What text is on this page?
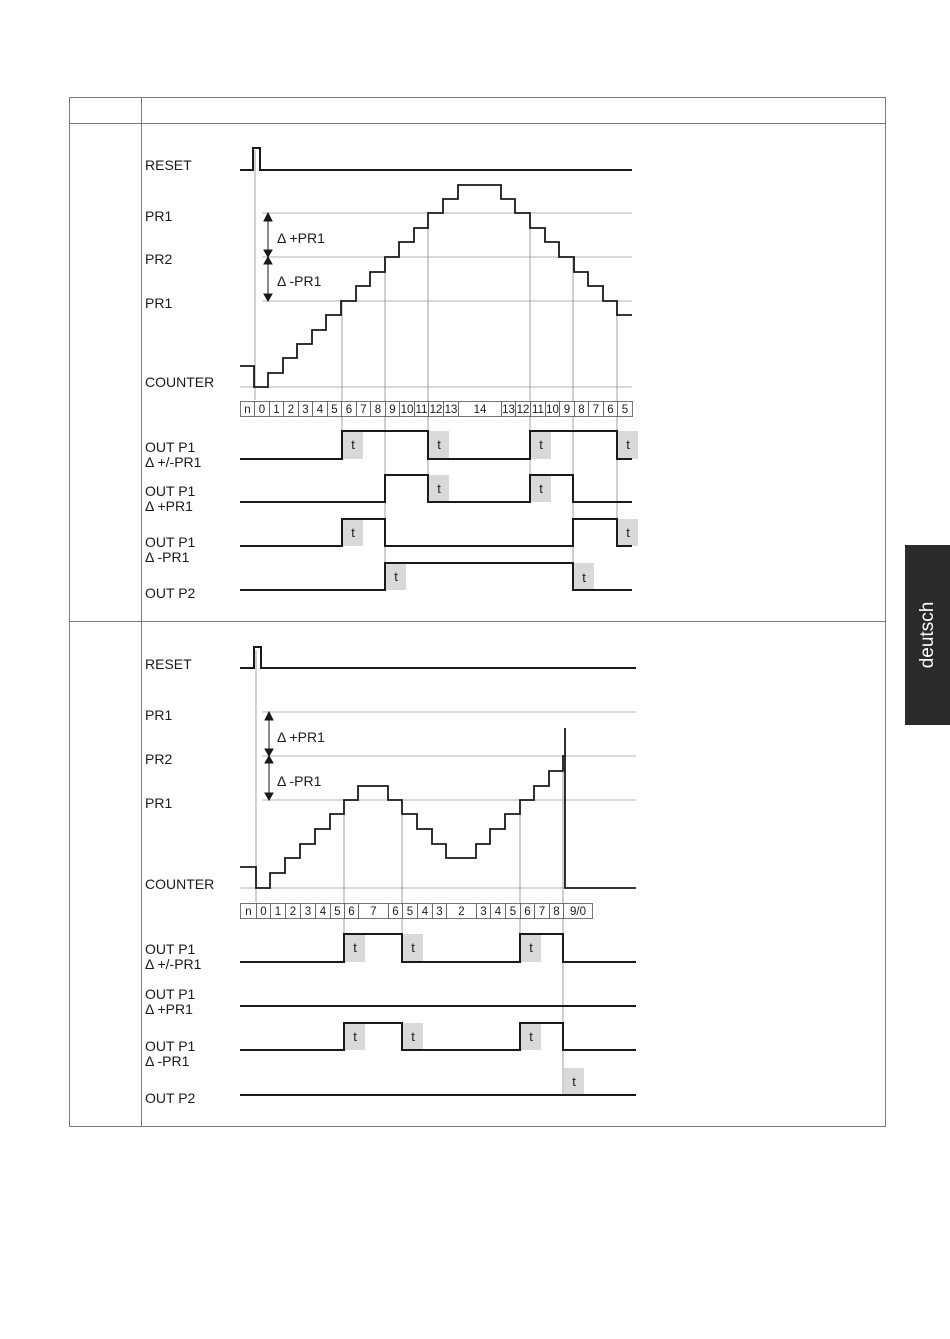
RESET
PR1
PR2
PR1
COUNTER
Δ +PR1
Δ -PR1
n 0 1 2 3 4 5 6 7 8 9 10 11 12 13 14 13 12 11 10 9 8 7 6 5
OUT P1
Δ +/-PR1
OUT P1
Δ +PR1
OUT P1
Δ -PR1
OUT P2
t	t	t	t
t	t
t	t
t	t
RESET
PR1
PR2
PR1
COUNTER
Δ +PR1
Δ -PR1
n 0 1 2 3 4 5 6 7 6 5 4 3 2 3 4 5 6 7 8 9/0
OUT P1
Δ +/-PR1
OUT P1
Δ +PR1
OUT P1
Δ -PR1
OUT P2
t	t	t
t	t	t
t
deutsch
